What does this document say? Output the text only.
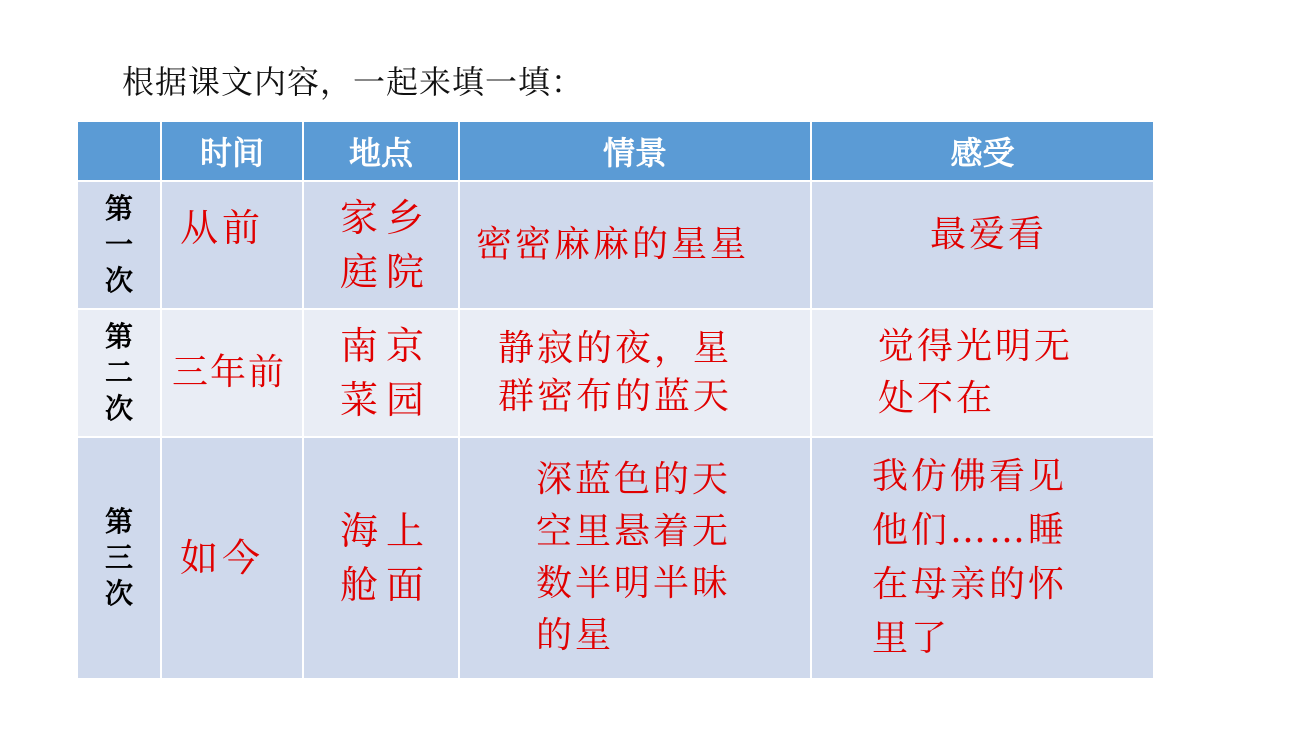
根据课文内容，一起来填一填：
	时间	地点	情景	感受
第一次	从前	家乡庭院	密密麻麻的星星	最爱看

第二次	三年前	南京菜园	静寂的夜，星群密布的蓝天	觉得光明无处不在

第三次	如今	海上舱面	深蓝色的天空里悬着无数半明半昧的星	我仿佛看见他们……睡在母亲的怀里了
